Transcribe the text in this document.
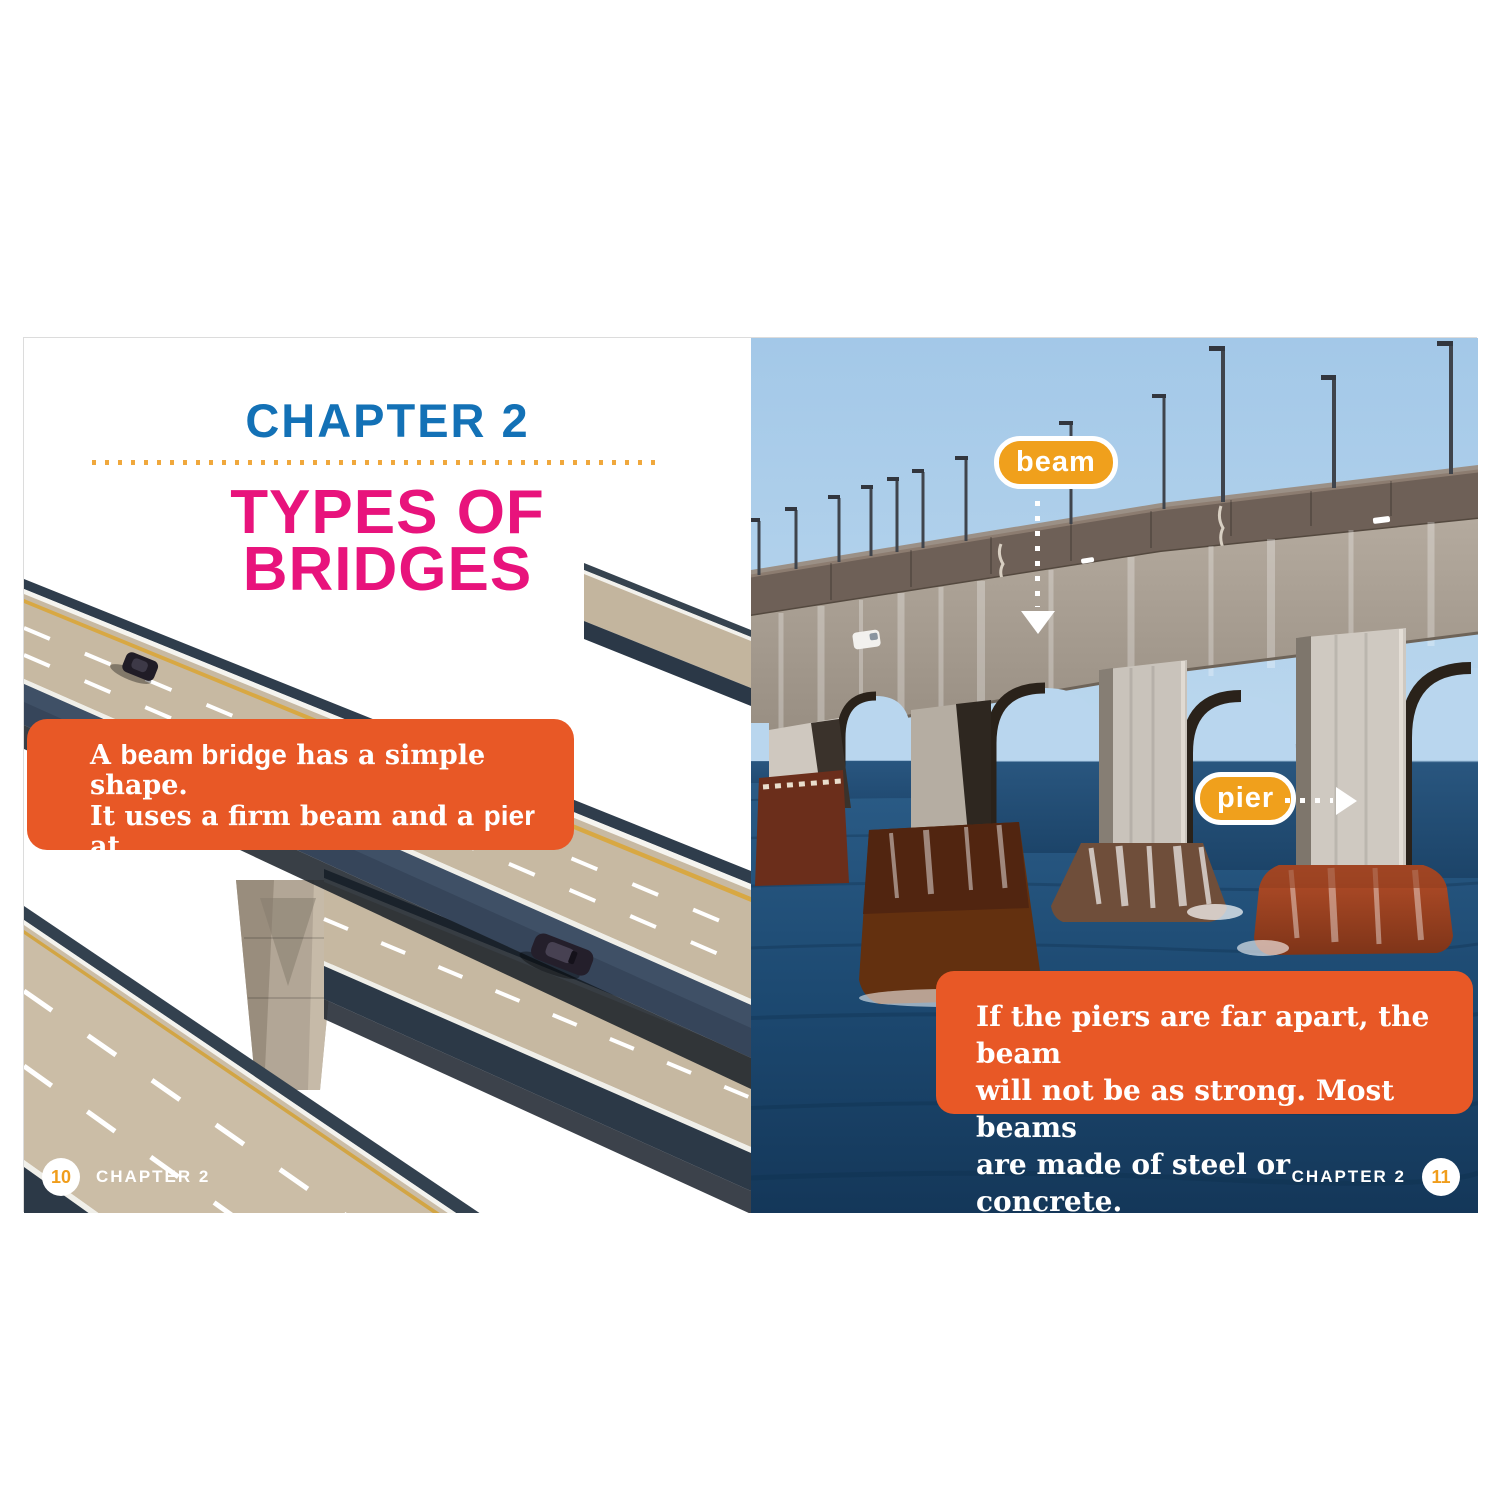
CHAPTER 2
TYPES OF
BRIDGES
A beam bridge has a simple shape.
It uses a firm beam and a pier at
each end.
10	CHAPTER 2
beam
pier
If the piers are far apart, the beam
will not be as strong. Most beams
are made of steel or concrete.
11
CHAPTER 2
